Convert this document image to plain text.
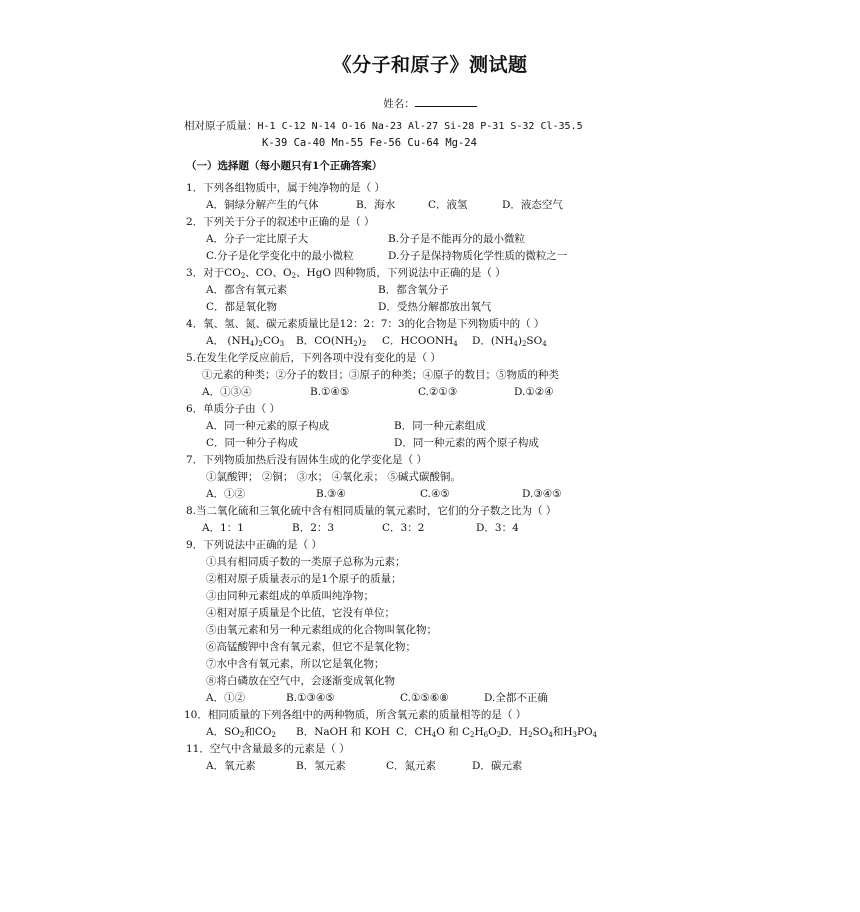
《分子和原子》测试题
姓名：
相对原子质量：H-1 C-12 N-14 O-16 Na-23 Al-27 Si-28 P-31 S-32 Cl-35.5
K-39 Ca-40 Mn-55 Fe-56 Cu-64 Mg-24
（一）选择题（每小题只有1个正确答案）
1．下列各组物质中，属于纯净物的是（ ）
A．铜绿分解产生的气体	B．海水	C．液氢	D．液态空气
2．下列关于分子的叙述中正确的是（ ）
A．分子一定比原子大	B.分子是不能再分的最小微粒
C.分子是化学变化中的最小微粒	D.分子是保持物质化学性质的微粒之一
3．对于$CO_2$、CO、$O_2$、HgO 四种物质，下列说法中正确的是（ ）
A．都含有氧元素	B．都含氧分子
C．都是氧化物	D．受热分解都放出氧气
4．氧、氢、氮、碳元素质量比是12：2：7：3的化合物是下列物质中的（ ）
A． $(NH_4)_2CO_3$ B．$CO(NH_2)_2$ C．$HCOONH_4$ D．$(NH_4)_2SO_4$
5.在发生化学反应前后，下列各项中没有变化的是（ ）
①元素的种类；②分子的数目；③原子的种类；④原子的数目；⑤物质的种类
A．①③④	B.①④⑤	C.②①③	D.①②④
6．单质分子由（ ）
A．同一种元素的原子构成	B．同一种元素组成
C．同一种分子构成	D．同一种元素的两个原子构成
7．下列物质加热后没有固体生成的化学变化是（ ）
①氯酸钾； ②铜； ③水； ④氧化汞； ⑤碱式碳酸铜。
A．①②	B.③④	C.④⑤	D.③④⑤
8.当二氧化硫和三氧化硫中含有相同质量的氧元素时，它们的分子数之比为（ ）
A．1：1	B．2：3	C．3：2	D．3：4
9．下列说法中正确的是（ ）
①具有相同质子数的一类原子总称为元素；
②相对原子质量表示的是1个原子的质量；
③由同种元素组成的单质叫纯净物；
④相对原子质量是个比值，它没有单位；
⑤由氧元素和另一种元素组成的化合物叫氧化物；
⑥高锰酸钾中含有氧元素，但它不是氧化物；
⑦水中含有氧元素，所以它是氧化物；
⑧将白磷放在空气中，会逐渐变成氧化物
A．①②	B.①③④⑤	C.①⑤⑥⑧	D.全都不正确
10．相同质量的下列各组中的两种物质，所含氧元素的质量相等的是（ ）
A．$SO_2$和$CO_2$ B．NaOH 和 KOH C．$CH_4O$ 和 $C_2H_6O_2$
D．$H_2SO_4$和$H_3PO_4$
11．空气中含量最多的元素是（ ）
A．氧元素	B．氢元素	C．氮元素	D．碳元素
